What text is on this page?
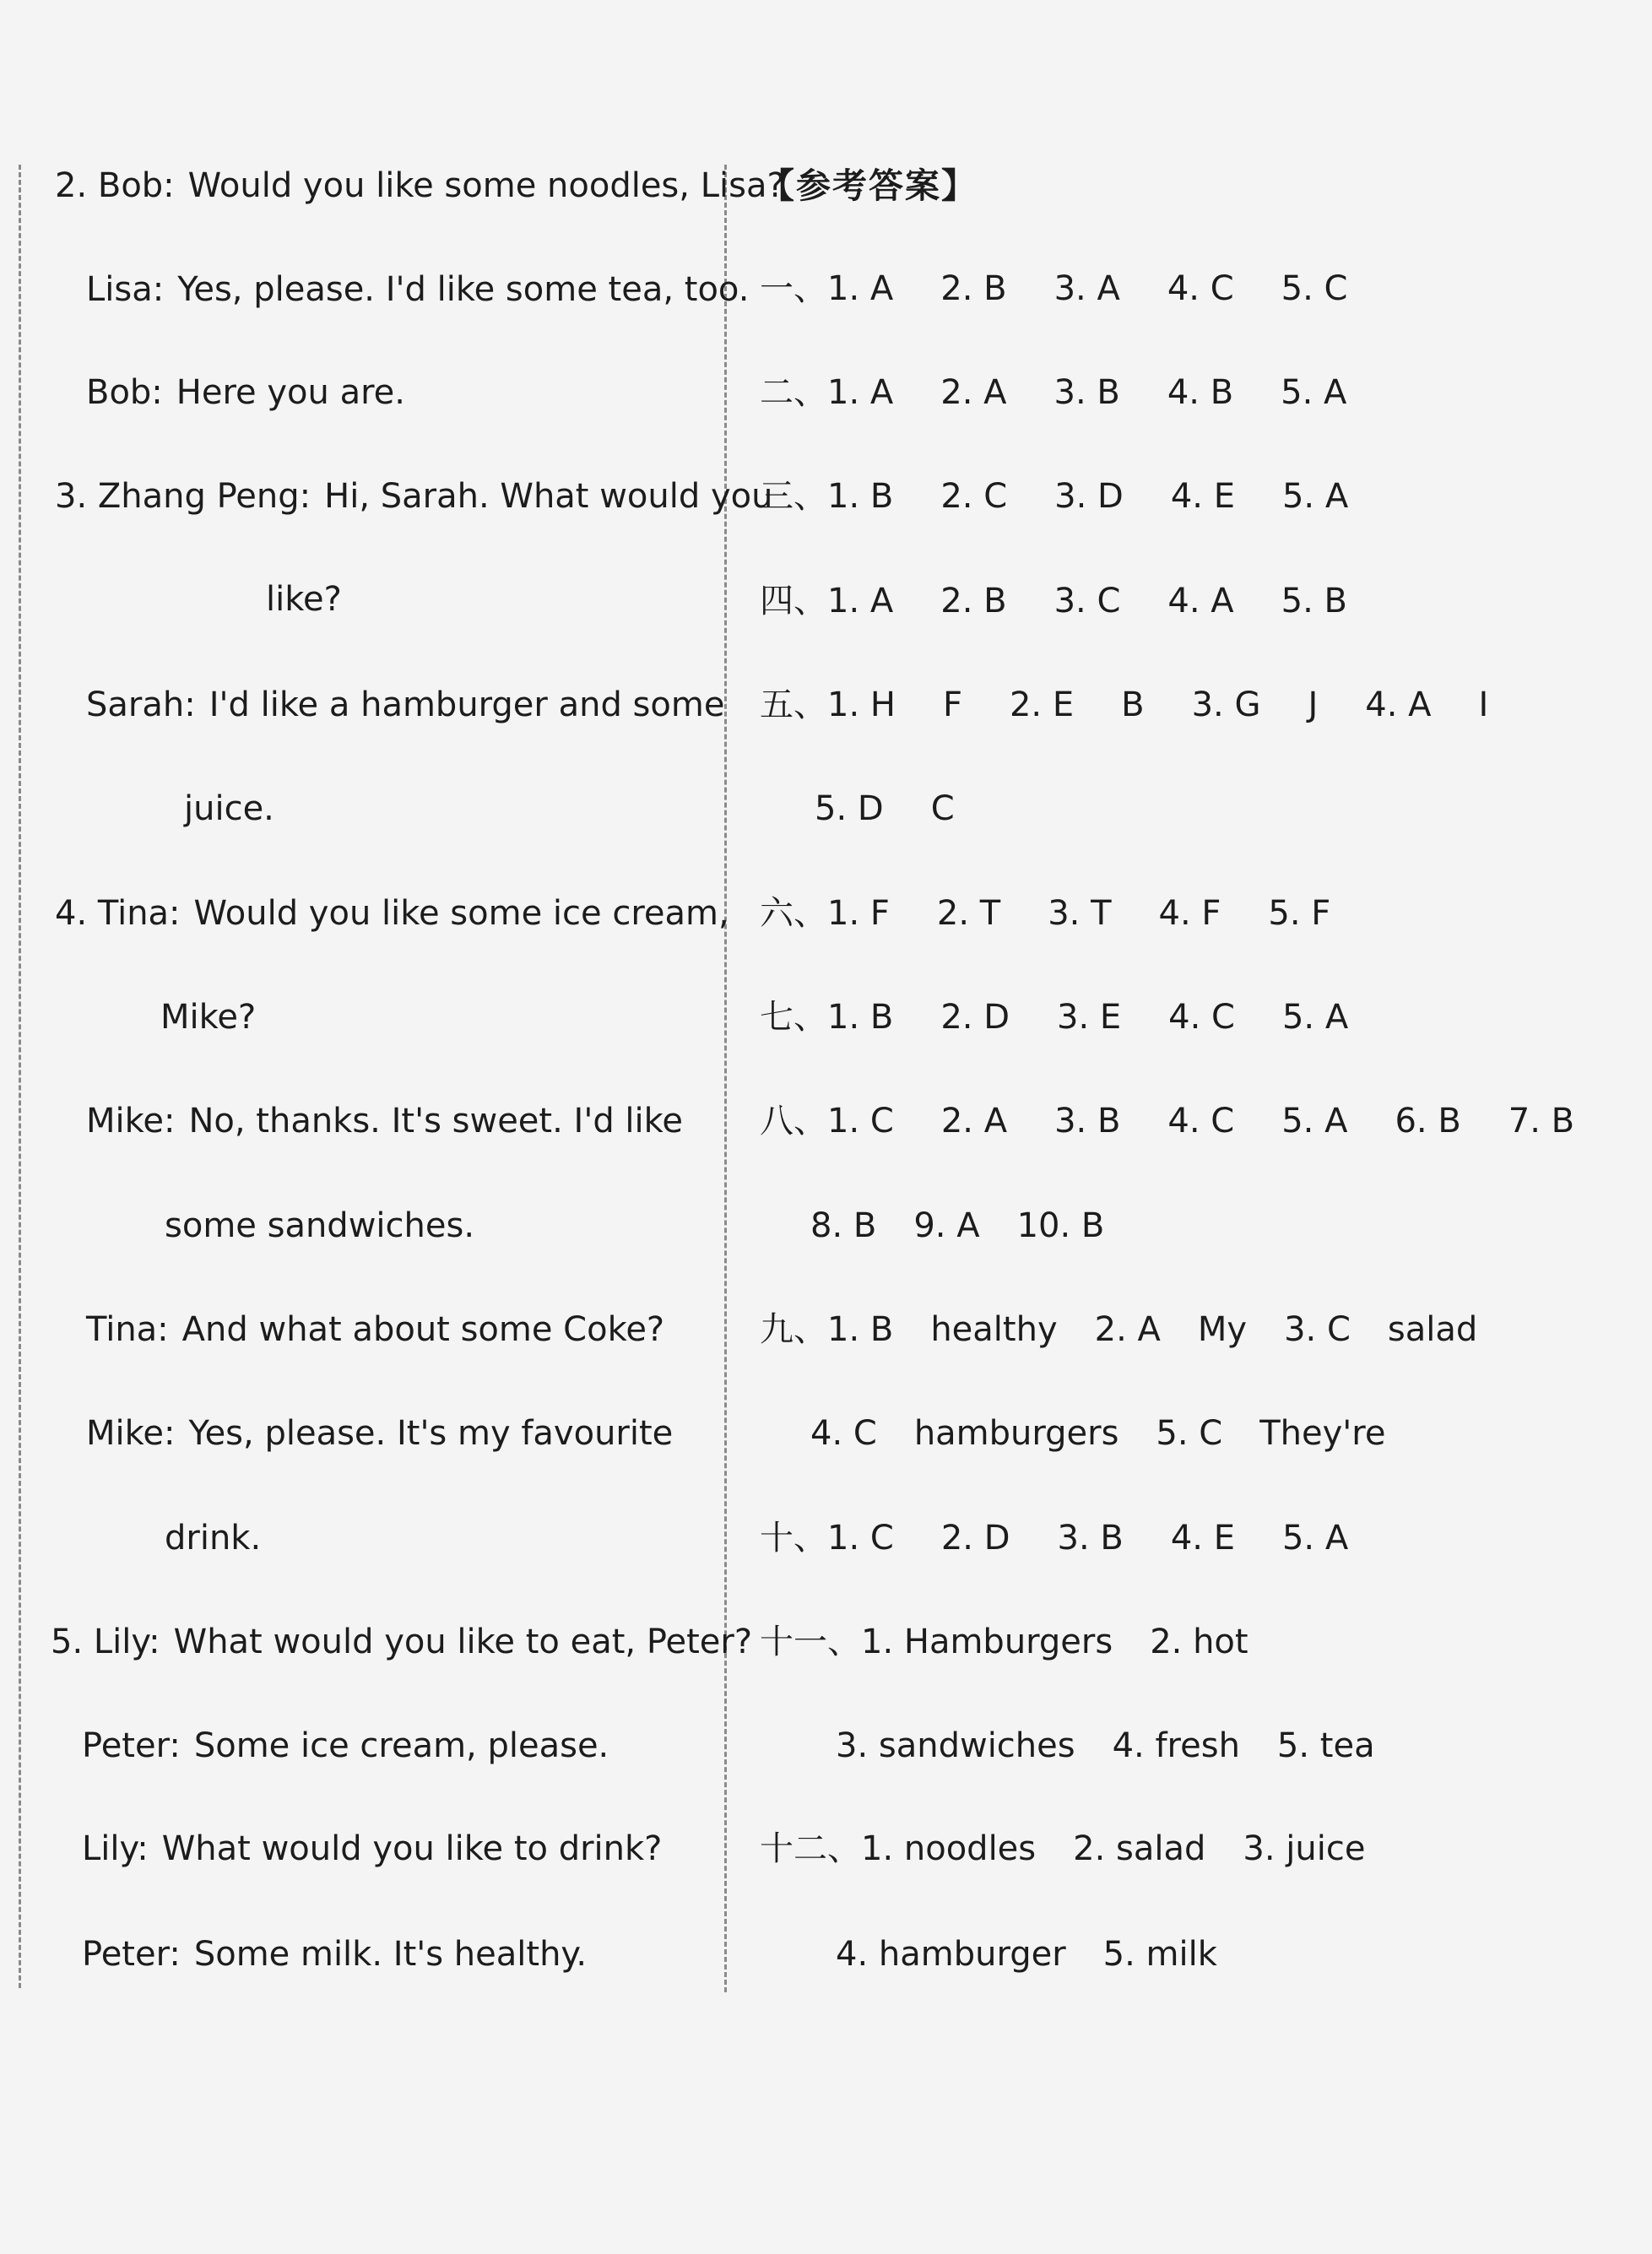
2. Bob: Would you like some noodles, Lisa?
Lisa: Yes, please. I'd like some tea, too.
Bob: Here you are.
3. Zhang Peng: Hi, Sarah. What would you
like?
Sarah: I'd like a hamburger and some
juice.
4. Tina: Would you like some ice cream,
Mike?
Mike: No, thanks. It's sweet. I'd like
some sandwiches.
Tina: And what about some Coke?
Mike: Yes, please. It's my favourite
drink.
5. Lily: What would you like to eat, Peter?
Peter: Some ice cream, please.
Lily: What would you like to drink?
Peter: Some milk. It's healthy.
【参考答案】
一、1. A 2. B 3. A 4. C 5. C
二、1. A 2. A 3. B 4. B 5. A
三、1. B 2. C 3. D 4. E 5. A
四、1. A 2. B 3. C 4. A 5. B
五、1. H F 2. E B 3. G J 4. A I
5. D C
六、1. F 2. T 3. T 4. F 5. F
七、1. B 2. D 3. E 4. C 5. A
八、1. C 2. A 3. B 4. C 5. A 6. B 7. B
8. B 9. A 10. B
九、1. B healthy 2. A My 3. C salad
4. C hamburgers 5. C They're
十、1. C 2. D 3. B 4. E 5. A
十一、1. Hamburgers 2. hot
3. sandwiches 4. fresh 5. tea
十二、1. noodles 2. salad 3. juice
4. hamburger 5. milk
